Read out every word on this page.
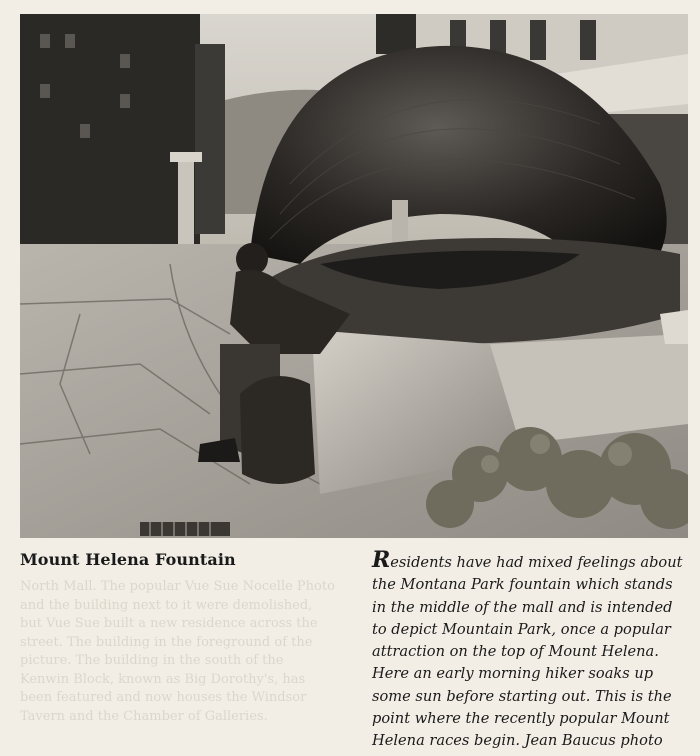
North Mall. The popular Vue Sue Nocelle Photo and the building next to it were demolished, but Vue Sue built a new residence across the street. The building in the foreground of the picture. The building in the south of the Kenwin Block, known as Big Dorothy's, has been featured and now houses the Windsor Tavern and the Chamber of Galleries.

Mount Helena Fountain	Residents have had mixed feelings about the Montana Park fountain which stands in the middle of the mall and is intended to depict Mountain Park, once a popular attraction on the top of Mount Helena. Here an early morning hiker soaks up some sun before starting out. This is the point where the recently popular Mount Helena races begin. Jean Baucus photo
